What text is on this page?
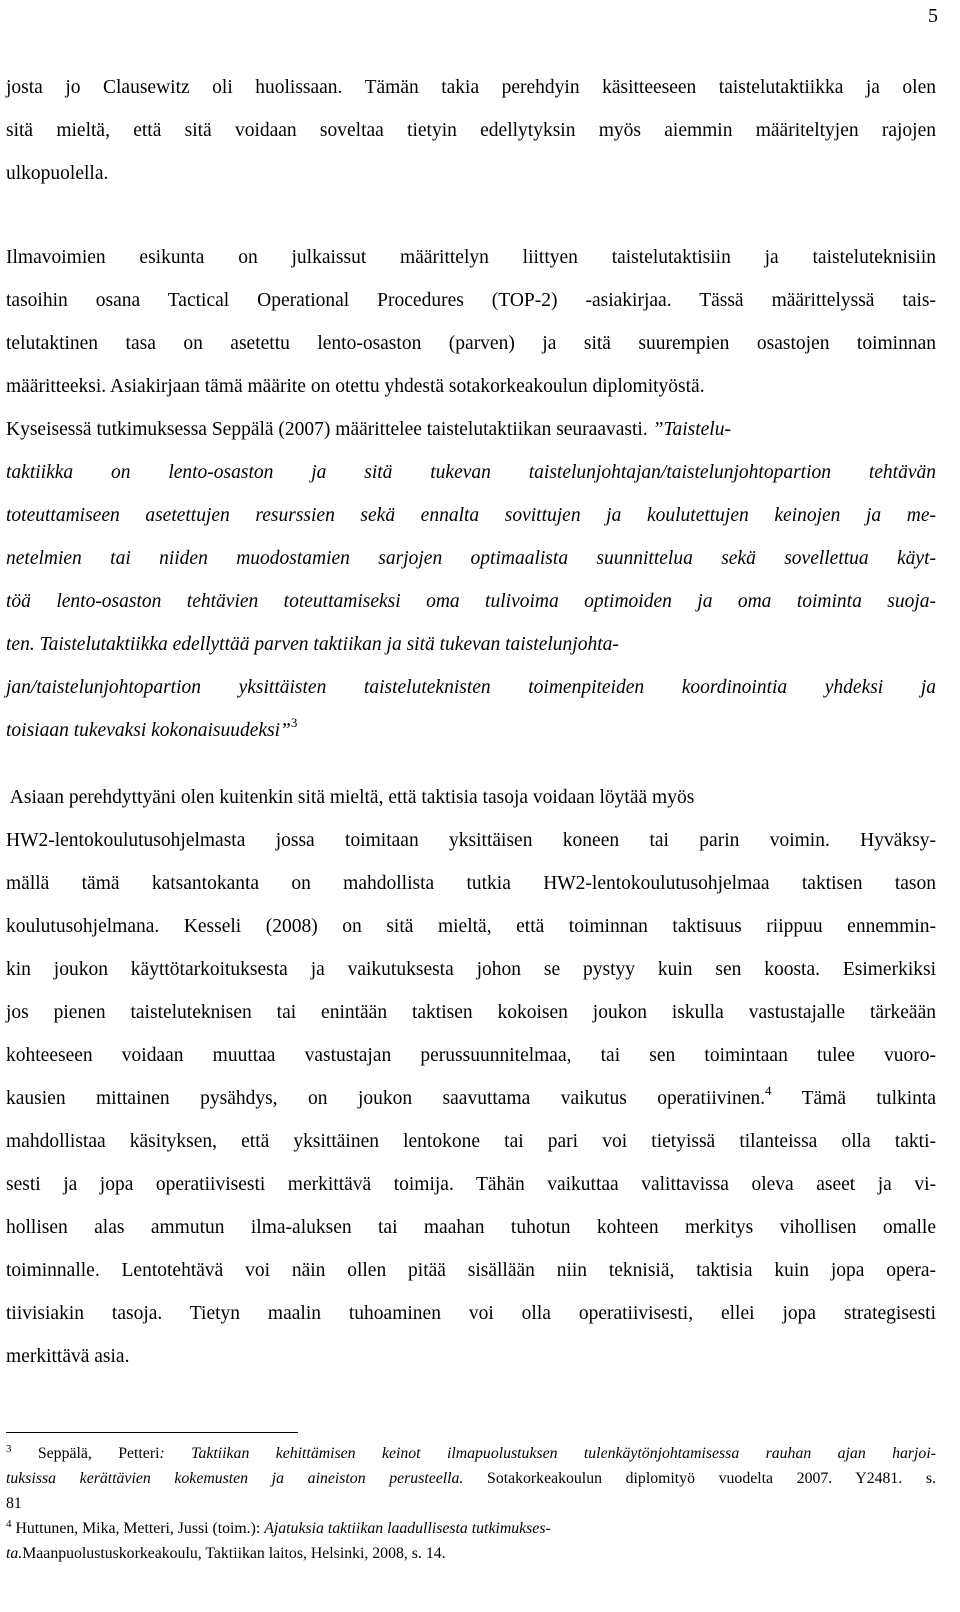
5
josta jo Clausewitz oli huolissaan. Tämän takia perehdyin käsitteeseen taistelutaktiikka ja olen
sitä mieltä, että sitä voidaan soveltaa tietyin edellytyksin myös aiemmin määriteltyjen rajojen
ulkopuolella.
Ilmavoimien esikunta on julkaissut määrittelyn liittyen taistelutaktisiin ja taisteluteknisiin
tasoihin osana Tactical Operational Procedures (TOP-2) -asiakirjaa. Tässä määrittelyssä tais-
telutaktinen tasa on asetettu lento-osaston (parven) ja sitä suurempien osastojen toiminnan
määritteeksi. Asiakirjaan tämä määrite on otettu yhdestä sotakorkeakoulun diplomityöstä.
Kyseisessä tutkimuksessa Seppälä (2007) määrittelee taistelutaktiikan seuraavasti. ”Taistelu-
taktiikka on lento-osaston ja sitä tukevan taistelunjohtajan/taistelunjohtopartion tehtävän
toteuttamiseen asetettujen resurssien sekä ennalta sovittujen ja koulutettujen keinojen ja me-
netelmien tai niiden muodostamien sarjojen optimaalista suunnittelua sekä sovellettua käyt-
töä lento-osaston tehtävien toteuttamiseksi oma tulivoima optimoiden ja oma toiminta suoja-
ten. Taistelutaktiikka edellyttää parven taktiikan ja sitä tukevan taistelunjohta-
jan/taistelunjohtopartion yksittäisten taisteluteknisten toimenpiteiden koordinointia yhdeksi ja
toisiaan tukevaksi kokonaisuudeksi”$^3$
Asiaan perehdyttyäni olen kuitenkin sitä mieltä, että taktisia tasoja voidaan löytää myös
HW2-lentokoulutusohjelmasta jossa toimitaan yksittäisen koneen tai parin voimin. Hyväksy-
mällä tämä katsantokanta on mahdollista tutkia HW2-lentokoulutusohjelmaa taktisen tason
koulutusohjelmana. Kesseli (2008) on sitä mieltä, että toiminnan taktisuus riippuu ennemmin-
kin joukon käyttötarkoituksesta ja vaikutuksesta johon se pystyy kuin sen koosta. Esimerkiksi
jos pienen taisteluteknisen tai enintään taktisen kokoisen joukon iskulla vastustajalle tärkeään
kohteeseen voidaan muuttaa vastustajan perussuunnitelmaa, tai sen toimintaan tulee vuoro-
kausien mittainen pysähdys, on joukon saavuttama vaikutus operatiivinen.$^4$ Tämä tulkinta
mahdollistaa käsityksen, että yksittäinen lentokone tai pari voi tietyissä tilanteissa olla takti-
sesti ja jopa operatiivisesti merkittävä toimija. Tähän vaikuttaa valittavissa oleva aseet ja vi-
hollisen alas ammutun ilma-aluksen tai maahan tuhotun kohteen merkitys vihollisen omalle
toiminnalle. Lentotehtävä voi näin ollen pitää sisällään niin teknisiä, taktisia kuin jopa opera-
tiivisiakin tasoja. Tietyn maalin tuhoaminen voi olla operatiivisesti, ellei jopa strategisesti
merkittävä asia.
$^3$ Seppälä, Petteri: Taktiikan kehittämisen keinot ilmapuolustuksen tulenkäytönjohtamisessa rauhan ajan harjoi-
tuksissa kerättävien kokemusten ja aineiston perusteella. Sotakorkeakoulun diplomityö vuodelta 2007. Y2481. s.
81
$^4$ Huttunen, Mika, Metteri, Jussi (toim.): Ajatuksia taktiikan laadullisesta tutkimukses-
ta.Maanpuolustuskorkeakoulu, Taktiikan laitos, Helsinki, 2008, s. 14.
